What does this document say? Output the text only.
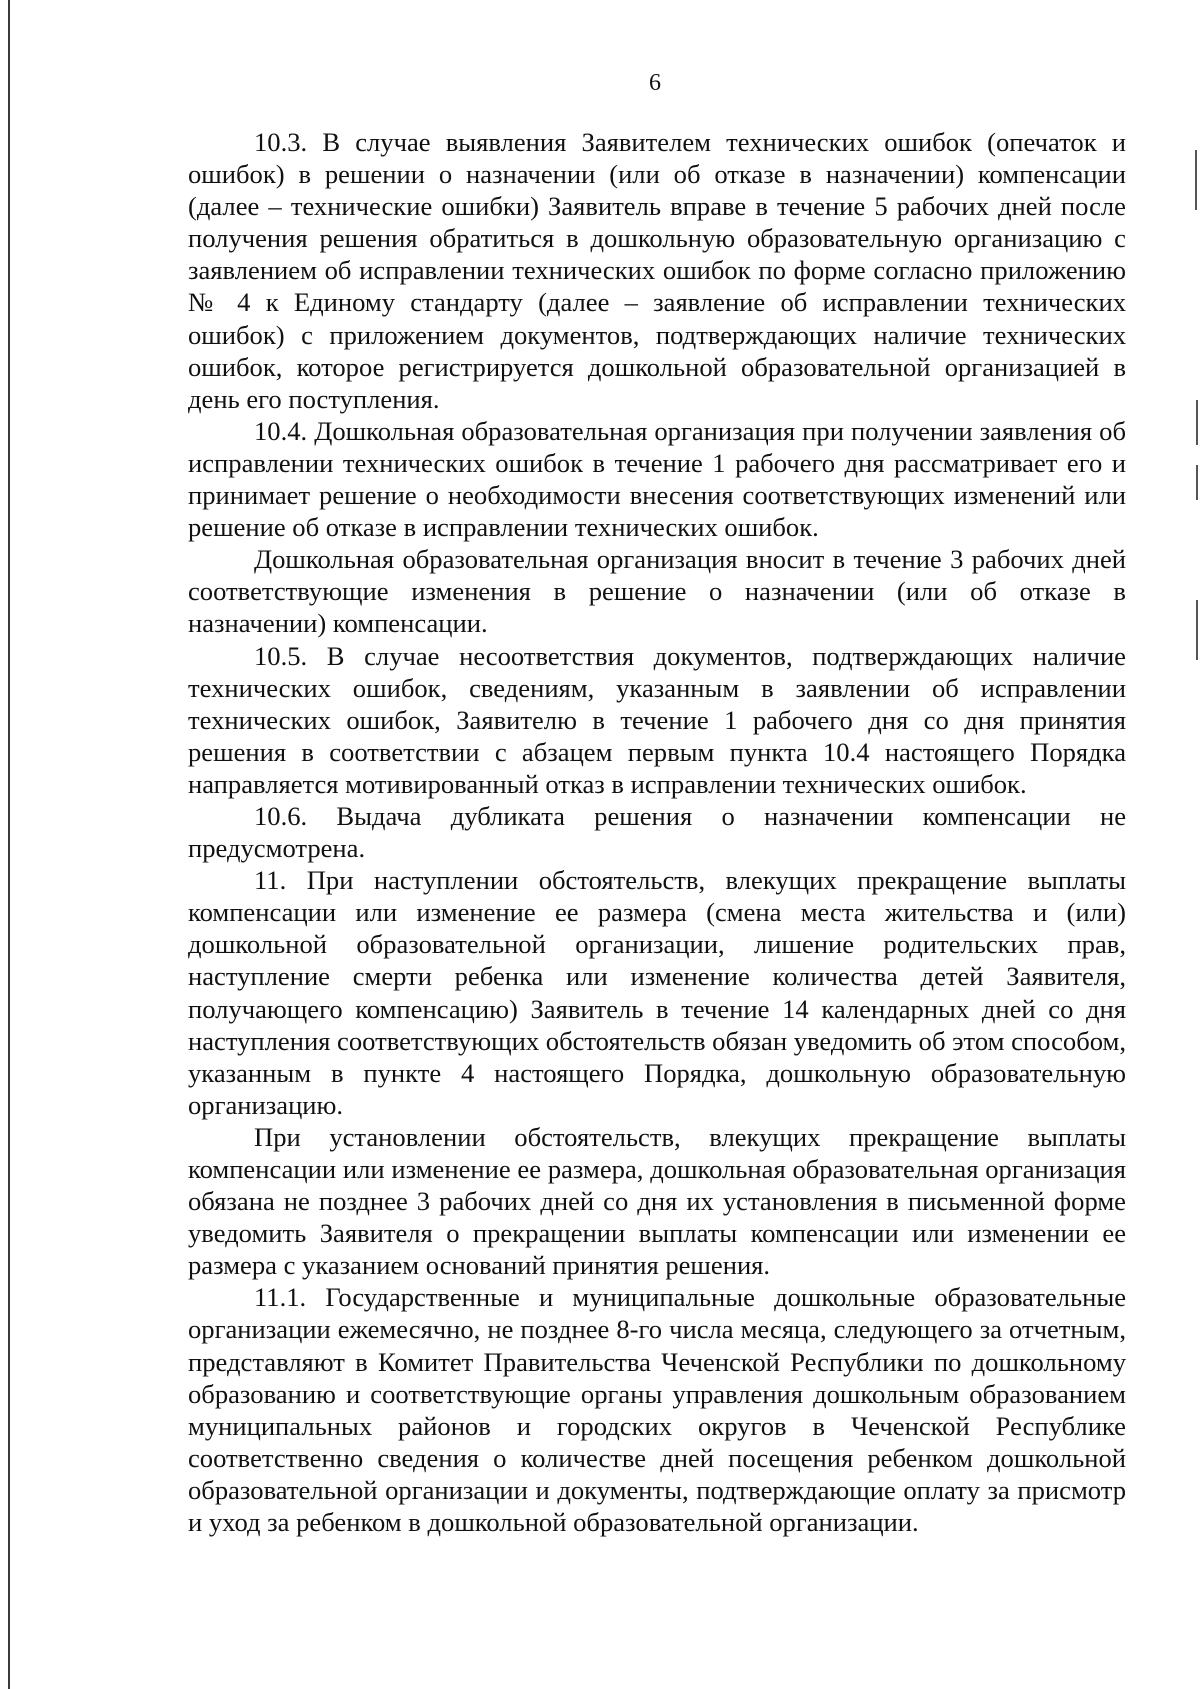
6

10.3. В случае выявления Заявителем технических ошибок (опечаток и ошибок) в решении о назначении (или об отказе в назначении) компенсации (далее – технические ошибки) Заявитель вправе в течение 5 рабочих дней после получения решения обратиться в дошкольную образовательную организацию с заявлением об исправлении технических ошибок по форме согласно приложению № 4 к Единому стандарту (далее – заявление об исправлении технических ошибок) с приложением документов, подтверждающих наличие технических ошибок, которое регистрируется дошкольной образовательной организацией в день его поступления.

10.4. Дошкольная образовательная организация при получении заявления об исправлении технических ошибок в течение 1 рабочего дня рассматривает его и принимает решение о необходимости внесения соответствующих изменений или решение об отказе в исправлении технических ошибок.

Дошкольная образовательная организация вносит в течение 3 рабочих дней соответствующие изменения в решение о назначении (или об отказе в назначении) компенсации.

10.5. В случае несоответствия документов, подтверждающих наличие технических ошибок, сведениям, указанным в заявлении об исправлении технических ошибок, Заявителю в течение 1 рабочего дня со дня принятия решения в соответствии с абзацем первым пункта 10.4 настоящего Порядка направляется мотивированный отказ в исправлении технических ошибок.

10.6. Выдача дубликата решения о назначении компенсации не предусмотрена.

11. При наступлении обстоятельств, влекущих прекращение выплаты компенсации или изменение ее размера (смена места жительства и (или) дошкольной образовательной организации, лишение родительских прав, наступление смерти ребенка или изменение количества детей Заявителя, получающего компенсацию) Заявитель в течение 14 календарных дней со дня наступления соответствующих обстоятельств обязан уведомить об этом способом, указанным в пункте 4 настоящего Порядка, дошкольную образовательную организацию.

При установлении обстоятельств, влекущих прекращение выплаты компенсации или изменение ее размера, дошкольная образовательная организация обязана не позднее 3 рабочих дней со дня их установления в письменной форме уведомить Заявителя о прекращении выплаты компенсации или изменении ее размера с указанием оснований принятия решения.

11.1. Государственные и муниципальные дошкольные образовательные организации ежемесячно, не позднее 8-го числа месяца, следующего за отчетным, представляют в Комитет Правительства Чеченской Республики по дошкольному образованию и соответствующие органы управления дошкольным образованием муниципальных районов и городских округов в Чеченской Республике соответственно сведения о количестве дней посещения ребенком дошкольной образовательной организации и документы, подтверждающие оплату за присмотр и уход за ребенком в дошкольной образовательной организации.
